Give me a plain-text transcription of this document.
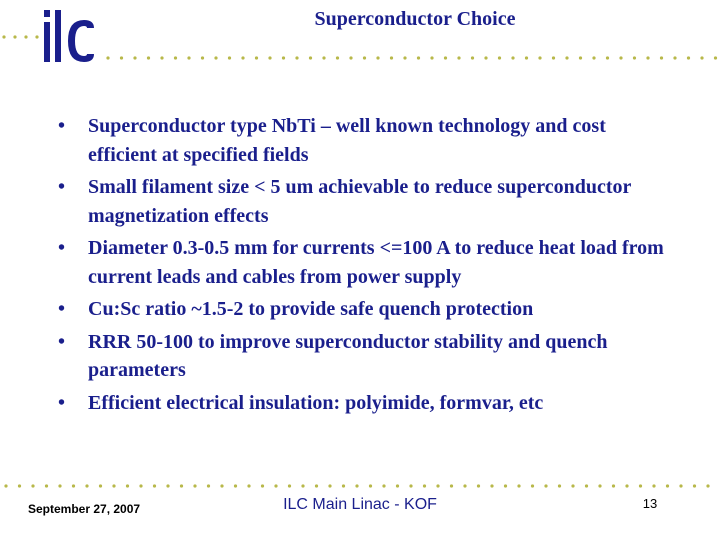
Superconductor Choice
• Superconductor type NbTi – well known technology and cost efficient at specified fields
• Small filament size < 5 um achievable to reduce superconductor magnetization effects
• Diameter 0.3-0.5 mm for currents <=100 A to reduce heat load from current leads and cables from power supply
• Cu:Sc ratio ~1.5-2 to provide safe quench protection
• RRR 50-100 to improve superconductor stability and quench parameters
• Efficient electrical insulation: polyimide, formvar, etc
September 27, 2007	ILC Main Linac - KOF	13
